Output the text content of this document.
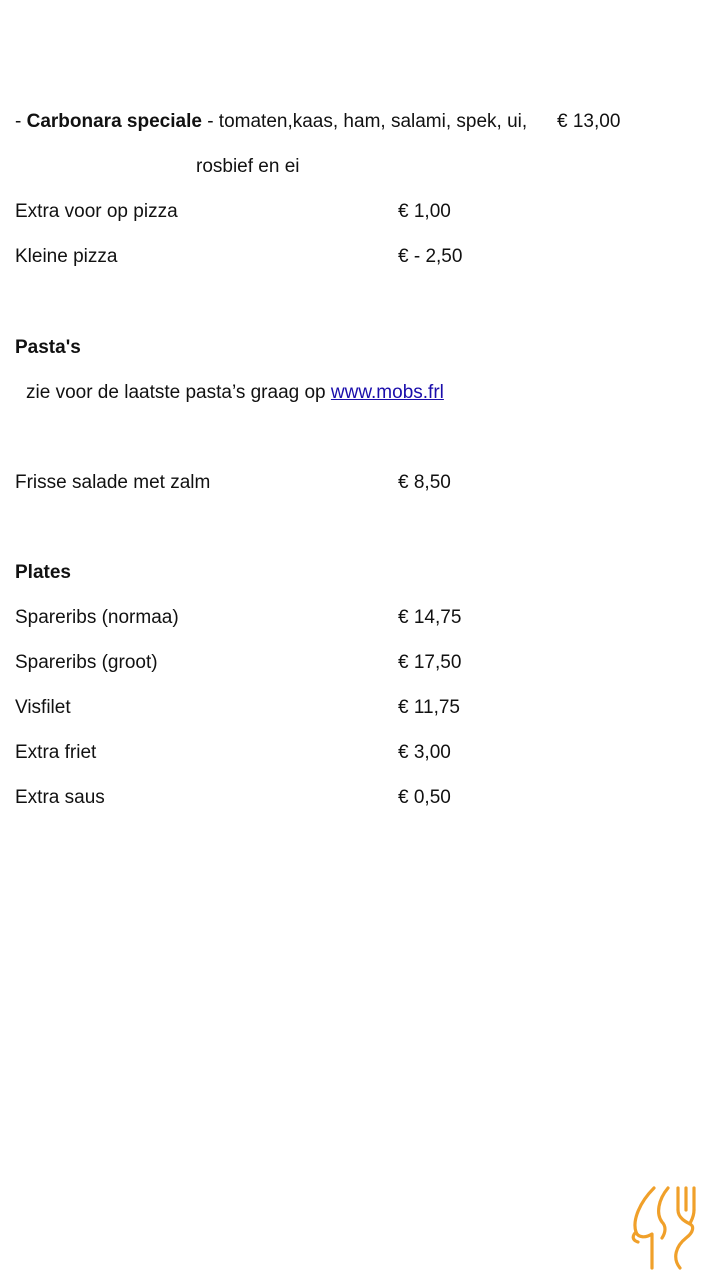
- Carbonara speciale - tomaten,kaas, ham, salami, spek, ui, € 13,00
rosbief en ei
Extra voor op pizza	€ 1,00
Kleine pizza	€ - 2,50
Pasta's
zie voor de laatste pasta’s graag op www.mobs.frl
Frisse salade met zalm	€ 8,50
Plates
Spareribs (normaa)	€ 14,75
Spareribs (groot)	€ 17,50
Visfilet	€ 11,75
Extra friet	€ 3,00
Extra saus	€ 0,50
